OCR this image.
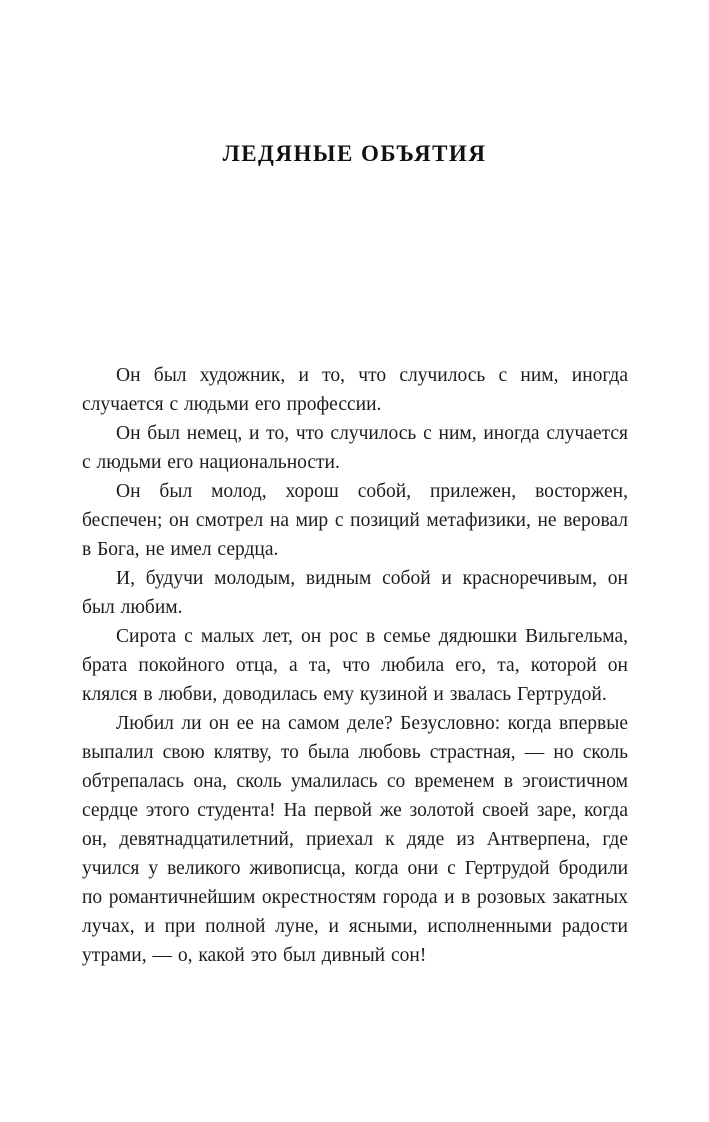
ЛЕДЯНЫЕ ОБЪЯТИЯ

Он был художник, и то, что случилось с ним, иногда случается с людьми его профессии.

Он был немец, и то, что случилось с ним, иногда случается с людьми его национальности.

Он был молод, хорош собой, прилежен, восторжен, беспечен; он смотрел на мир с позиций метафизики, не веровал в Бога, не имел сердца.

И, будучи молодым, видным собой и красноречивым, он был любим.

Сирота с малых лет, он рос в семье дядюшки Вильгельма, брата покойного отца, а та, что любила его, та, которой он клялся в любви, доводилась ему кузиной и звалась Гертрудой.

Любил ли он ее на самом деле? Безусловно: когда впервые выпалил свою клятву, то была любовь страстная, — но сколь обтрепалась она, сколь умалилась со временем в эгоистичном сердце этого студента! На первой же золотой своей заре, когда он, девятнадцатилетний, приехал к дяде из Антверпена, где учился у великого живописца, когда они с Гертрудой бродили по романтичнейшим окрестностям города и в розовых закатных лучах, и при полной луне, и ясными, исполненными радости утрами, — о, какой это был дивный сон!
